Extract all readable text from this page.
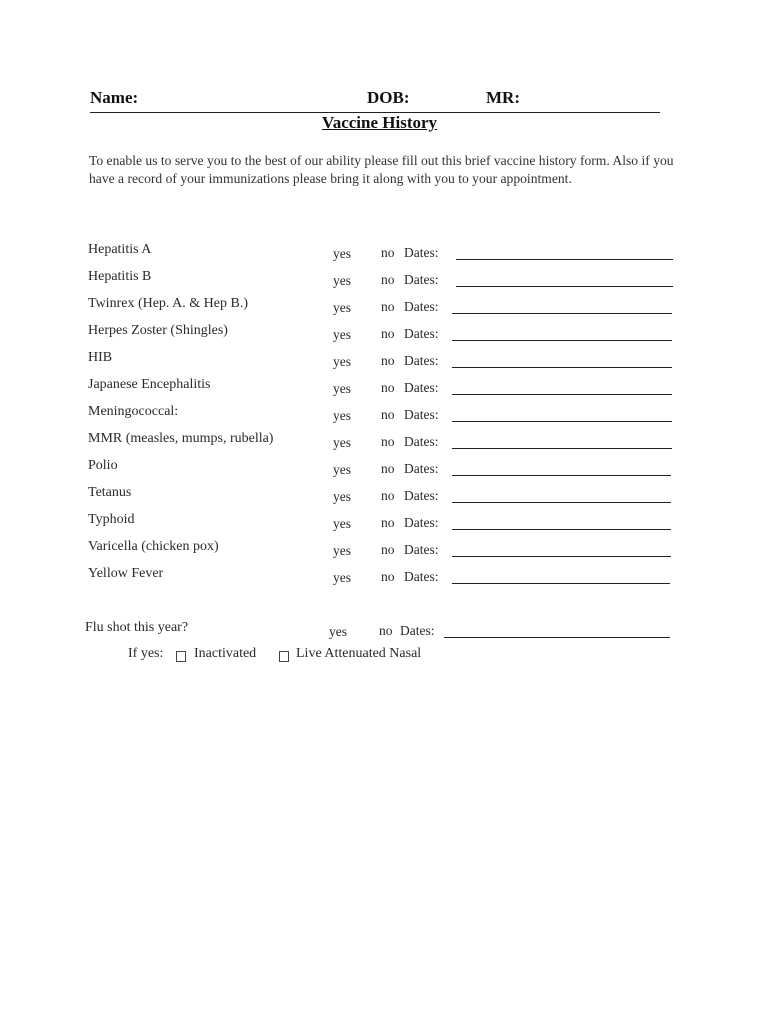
Name:	DOB:	MR:
Vaccine History
To enable us to serve you to the best of our ability please fill out this brief vaccine history form. Also if you have a record of your immunizations please bring it along with you to your appointment.
Hepatitis A	yes no Dates:
Hepatitis B	yes no Dates:
Twinrex (Hep. A. & Hep B.)	yes no Dates:
Herpes Zoster (Shingles)	yes no Dates:
HIB	yes no Dates:
Japanese Encephalitis	yes no Dates:
Meningococcal:	yes no Dates:
MMR (measles, mumps, rubella)	yes no Dates:
Polio	yes no Dates:
Tetanus	yes no Dates:
Typhoid	yes no Dates:
Varicella (chicken pox)	yes no Dates:
Yellow Fever	yes no Dates:
Flu shot this year?	yes no Dates:
If yes: Inactivated	Live Attenuated Nasal
